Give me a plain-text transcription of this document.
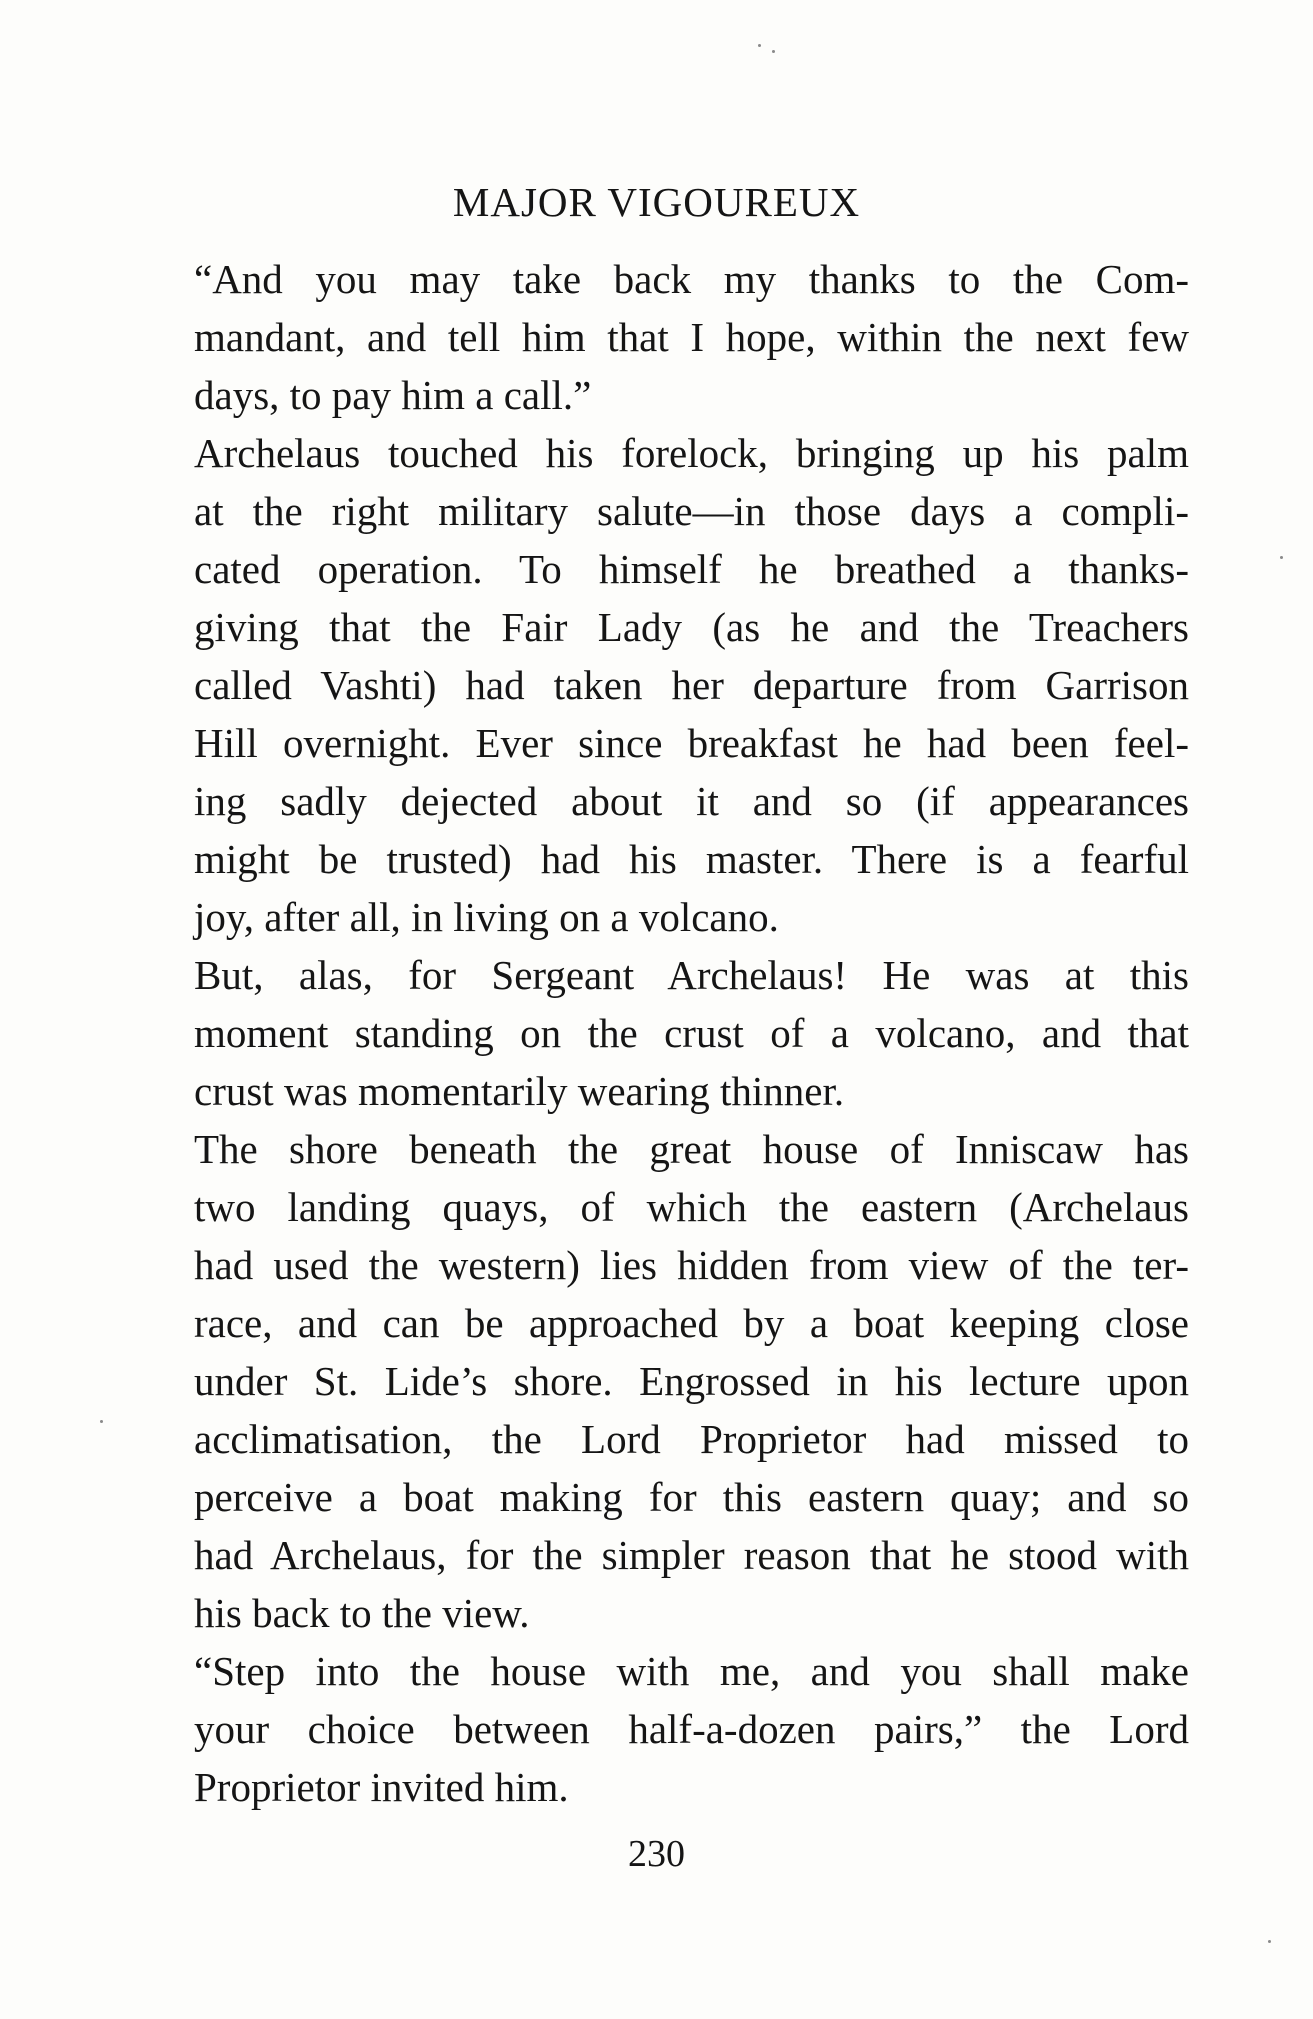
MAJOR VIGOUREUX

“And you may take back my thanks to the Com-
mandant, and tell him that I hope, within the next few
days, to pay him a call.”

Archelaus touched his forelock, bringing up his palm
at the right military salute—in those days a compli-
cated operation. To himself he breathed a thanks-
giving that the Fair Lady (as he and the Treachers
called Vashti) had taken her departure from Garrison
Hill overnight. Ever since breakfast he had been feel-
ing sadly dejected about it and so (if appearances
might be trusted) had his master. There is a fearful
joy, after all, in living on a volcano.

But, alas, for Sergeant Archelaus! He was at this
moment standing on the crust of a volcano, and that
crust was momentarily wearing thinner.

The shore beneath the great house of Inniscaw has
two landing quays, of which the eastern (Archelaus
had used the western) lies hidden from view of the ter-
race, and can be approached by a boat keeping close
under St. Lide’s shore. Engrossed in his lecture upon
acclimatisation, the Lord Proprietor had missed to
perceive a boat making for this eastern quay; and so
had Archelaus, for the simpler reason that he stood with
his back to the view.

“Step into the house with me, and you shall make
your choice between half-a-dozen pairs,” the Lord
Proprietor invited him.

230
